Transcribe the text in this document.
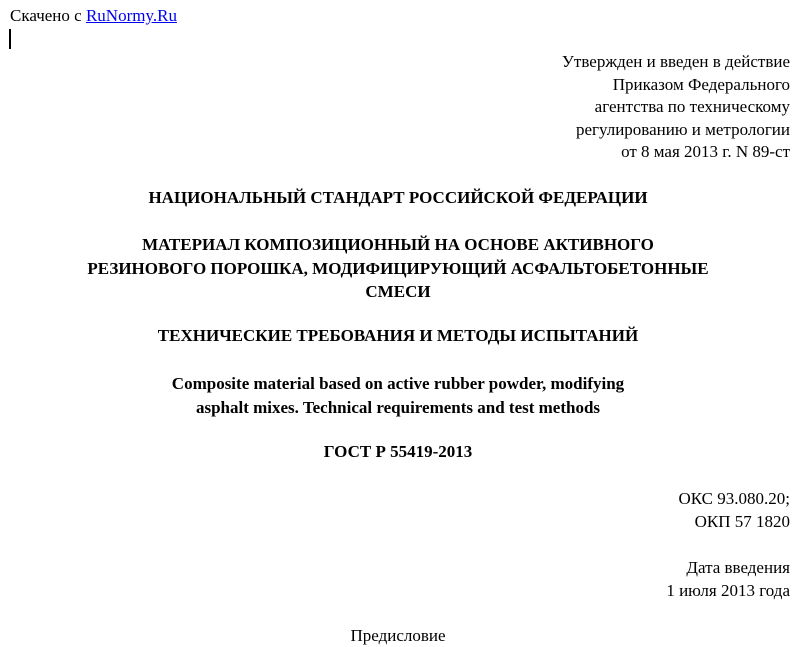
Скачено с RuNormy.Ru
Утвержден и введен в действие
Приказом Федерального
агентства по техническому
регулированию и метрологии
от 8 мая 2013 г. N 89-ст
НАЦИОНАЛЬНЫЙ СТАНДАРТ РОССИЙСКОЙ ФЕДЕРАЦИИ
МАТЕРИАЛ КОМПОЗИЦИОННЫЙ НА ОСНОВЕ АКТИВНОГО
РЕЗИНОВОГО ПОРОШКА, МОДИФИЦИРУЮЩИЙ АСФАЛЬТОБЕТОННЫЕ
СМЕСИ
ТЕХНИЧЕСКИЕ ТРЕБОВАНИЯ И МЕТОДЫ ИСПЫТАНИЙ
Composite material based on active rubber powder, modifying
asphalt mixes. Technical requirements and test methods
ГОСТ Р 55419-2013
ОКС 93.080.20;
ОКП 57 1820
Дата введения
1 июля 2013 года
Предисловие
